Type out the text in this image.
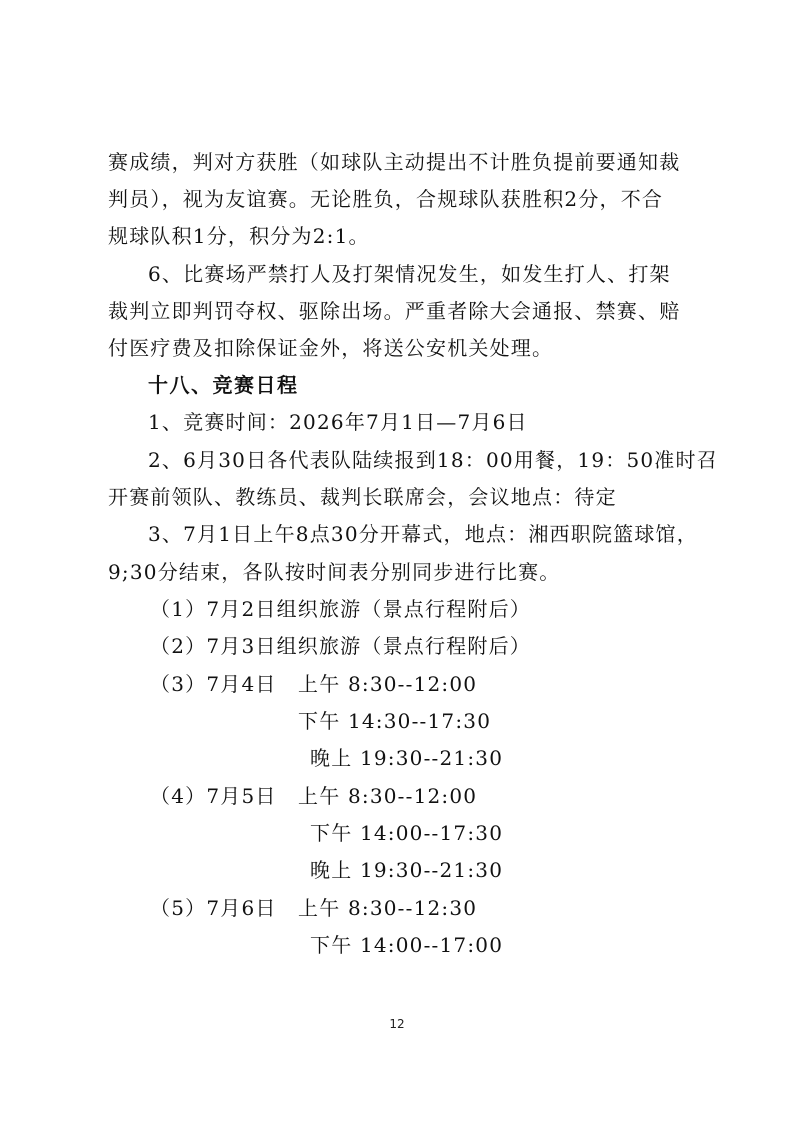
赛成绩，判对方获胜（如球队主动提出不计胜负提前要通知裁
判员），视为友谊赛。无论胜负，合规球队获胜积2分，不合
规球队积1分，积分为2:1。
6、比赛场严禁打人及打架情况发生，如发生打人、打架
裁判立即判罚夺权、驱除出场。严重者除大会通报、禁赛、赔
付医疗费及扣除保证金外，将送公安机关处理。
十八、竞赛日程
1、竞赛时间：2026年7月1日—7月6日
2、6月30日各代表队陆续报到18：00用餐，19：50准时召
开赛前领队、教练员、裁判长联席会，会议地点：待定
3、7月1日上午8点30分开幕式，地点：湘西职院篮球馆，
9;30分结束，各队按时间表分别同步进行比赛。
（1）7月2日组织旅游（景点行程附后）
（2）7月3日组织旅游（景点行程附后）
（3）7月4日 上午 8:30--12:00
下午 14:30--17:30
晚上 19:30--21:30
（4）7月5日 上午 8:30--12:00
下午 14:00--17:30
晚上 19:30--21:30
（5）7月6日 上午 8:30--12:30
下午 14:00--17:00
12
